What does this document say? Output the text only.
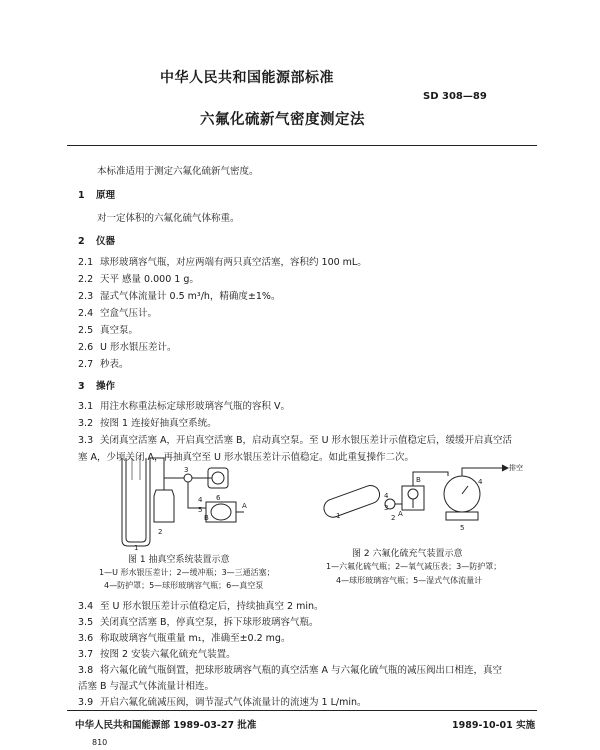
中华人民共和国能源部标准
SD 308—89
六氟化硫新气密度测定法
本标准适用于测定六氟化硫新气密度。
1 原理
对一定体积的六氟化硫气体称重。
2 仪器
2.1 球形玻璃容气瓶，对应两端有两只真空活塞，容积约 100 mL。
2.2 天平 感量 0.000 1 g。
2.3 湿式气体流量计 0.5 m³/h，精确度±1%。
2.4 空盒气压计。
2.5 真空泵。
2.6 U 形水银压差计。
2.7 秒表。
3 操作
3.1 用注水称重法标定球形玻璃容气瓶的容积 V。
3.2 按图 1 连接好抽真空系统。
3.3 关闭真空活塞 A，开启真空活塞 B，启动真空泵。至 U 形水银压差计示值稳定后，缓缓开启真空活
塞 A，少顷关闭 A，再抽真空至 U 形水银压差计示值稳定。如此重复操作二次。
1
2
3
4
5
6
A
B
图 1 抽真空系统装置示意
1—U 形水银压差计；2—缓冲瓶；3—三通活塞；
4—防护罩；5—球形玻璃容气瓶；6—真空泵
排空
1
4
3
2
B
A
4
5
图 2 六氟化硫充气装置示意
1—六氟化硫气瓶；2—氧气减压表；3—防护罩；
4—球形玻璃容气瓶；5—湿式气体流量计
3.4 至 U 形水银压差计示值稳定后，持续抽真空 2 min。
3.5 关闭真空活塞 B，停真空泵，拆下球形玻璃容气瓶。
3.6 称取玻璃容气瓶重量 m₁，准确至±0.2 mg。
3.7 按图 2 安装六氟化硫充气装置。
3.8 将六氟化硫气瓶倒置，把球形玻璃容气瓶的真空活塞 A 与六氟化硫气瓶的减压阀出口相连，真空
活塞 B 与湿式气体流量计相连。
3.9 开启六氟化硫减压阀，调节湿式气体流量计的流速为 1 L/min。
中华人民共和国能源部 1989-03-27 批准	1989-10-01 实施
810
